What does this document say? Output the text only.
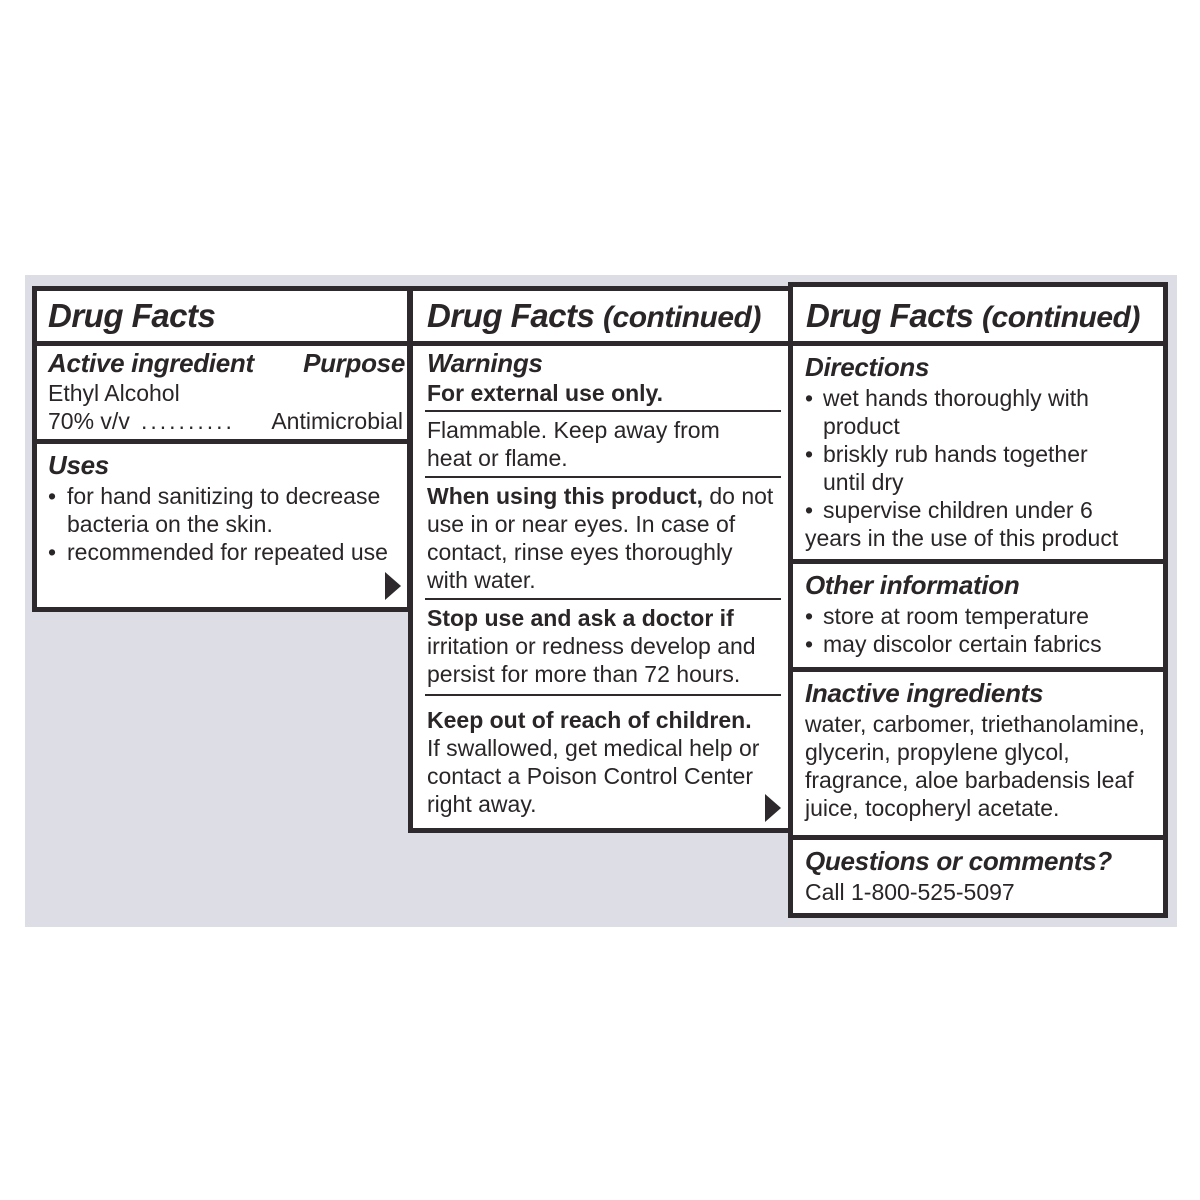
Drug Facts
Active ingredient Purpose
Ethyl Alcohol
70% v/v .......... Antimicrobial
Uses
• for hand sanitizing to decrease
bacteria on the skin.
• recommended for repeated use
Drug Facts (continued)
Warnings
For external use only.
Flammable. Keep away from
heat or flame.
When using this product, do not
use in or near eyes. In case of
contact, rinse eyes thoroughly
with water.
Stop use and ask a doctor if
irritation or redness develop and
persist for more than 72 hours.
Keep out of reach of children.
If swallowed, get medical help or
contact a Poison Control Center
right away.
Drug Facts (continued)
Directions
• wet hands thoroughly with
product
• briskly rub hands together
until dry
• supervise children under 6
years in the use of this product
Other information
• store at room temperature
• may discolor certain fabrics
Inactive ingredients
water, carbomer, triethanolamine,
glycerin, propylene glycol,
fragrance, aloe barbadensis leaf
juice, tocopheryl acetate.
Questions or comments?
Call 1-800-525-5097
